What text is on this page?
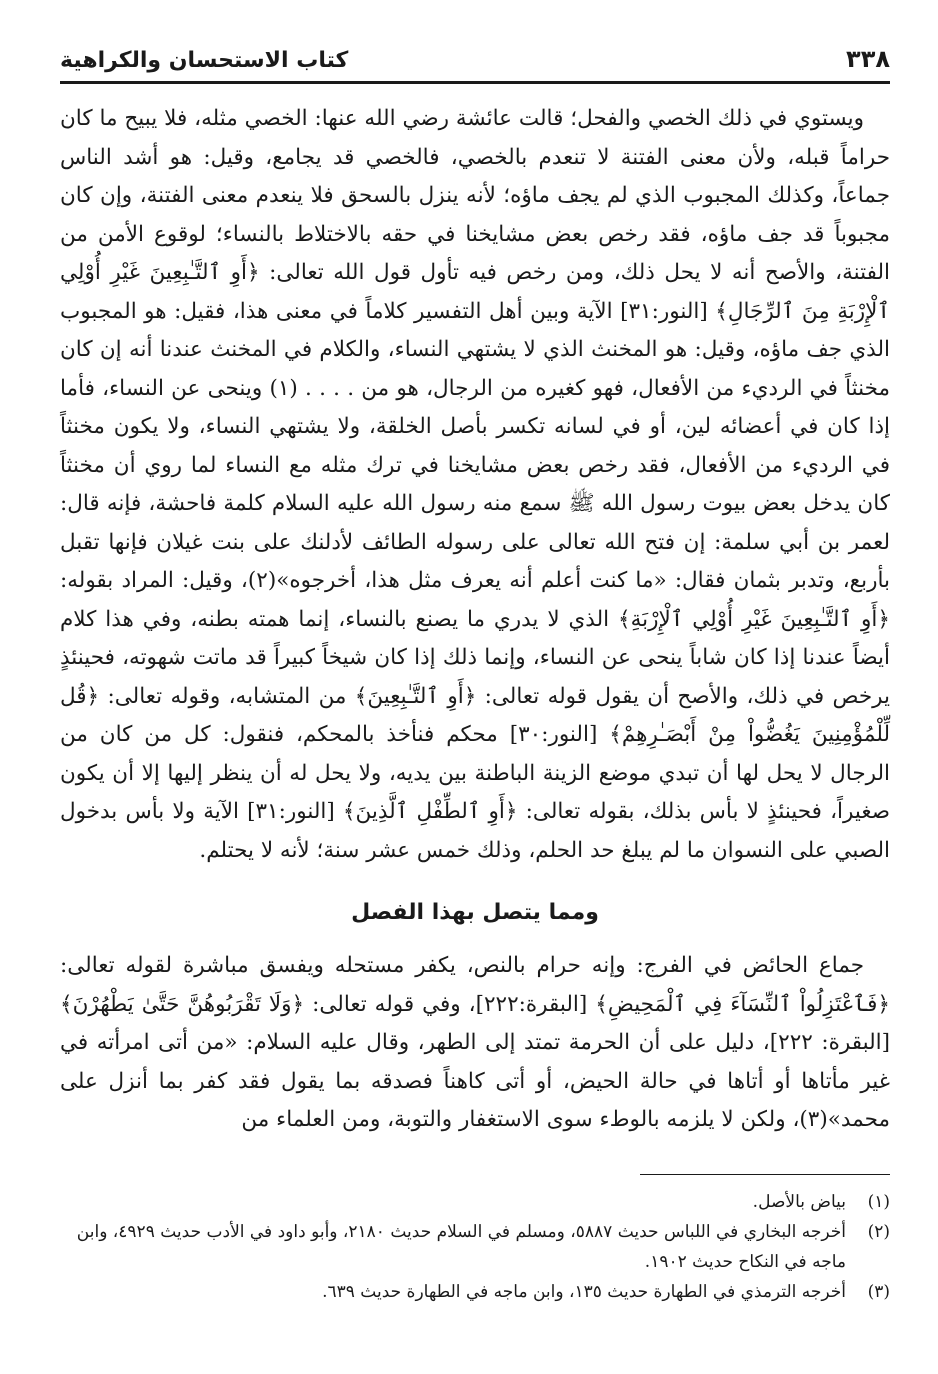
٣٣٨
كتاب الاستحسان والكراهية

ويستوي في ذلك الخصي والفحل؛ قالت عائشة رضي الله عنها: الخصي مثله، فلا يبيح ما كان حراماً قبله، ولأن معنى الفتنة لا تنعدم بالخصي، فالخصي قد يجامع، وقيل: هو أشد الناس جماعاً، وكذلك المجبوب الذي لم يجف ماؤه؛ لأنه ينزل بالسحق فلا ينعدم معنى الفتنة، وإن كان مجبوباً قد جف ماؤه، فقد رخص بعض مشايخنا في حقه بالاختلاط بالنساء؛ لوقوع الأمن من الفتنة، والأصح أنه لا يحل ذلك، ومن رخص فيه تأول قول الله تعالى: ﴿أَوِ ٱلتَّـٰبِعِينَ غَيْرِ أُوْلِي ٱلْإِرْبَةِ مِنَ ٱلرِّجَالِ﴾ [النور:٣١] الآية وبين أهل التفسير كلاماً في معنى هذا، فقيل: هو المجبوب الذي جف ماؤه، وقيل: هو المخنث الذي لا يشتهي النساء، والكلام في المخنث عندنا أنه إن كان مخنثاً في الرديء من الأفعال، فهو كغيره من الرجال، هو من . . . . (١) وينحى عن النساء، فأما إذا كان في أعضائه لين، أو في لسانه تكسر بأصل الخلقة، ولا يشتهي النساء، ولا يكون مخنثاً في الرديء من الأفعال، فقد رخص بعض مشايخنا في ترك مثله مع النساء لما روي أن مخنثاً كان يدخل بعض بيوت رسول الله ﷺ سمع منه رسول الله عليه السلام كلمة فاحشة، فإنه قال: لعمر بن أبي سلمة: إن فتح الله تعالى على رسوله الطائف لأدلنك على بنت غيلان فإنها تقبل بأربع، وتدبر بثمان فقال: «ما كنت أعلم أنه يعرف مثل هذا، أخرجوه»(٢)، وقيل: المراد بقوله: ﴿أَوِ ٱلتَّـٰبِعِينَ غَيْرِ أُوْلِي ٱلْإِرْبَةِ﴾ الذي لا يدري ما يصنع بالنساء، إنما همته بطنه، وفي هذا كلام أيضاً عندنا إذا كان شاباً ينحى عن النساء، وإنما ذلك إذا كان شيخاً كبيراً قد ماتت شهوته، فحينئذٍ يرخص في ذلك، والأصح أن يقول قوله تعالى: ﴿أَوِ ٱلتَّـٰبِعِينَ﴾ من المتشابه، وقوله تعالى: ﴿قُل لِّلْمُؤْمِنِينَ يَغُضُّواْ مِنْ أَبْصَـٰرِهِمْ﴾ [النور:٣٠] محكم فنأخذ بالمحكم، فنقول: كل من كان من الرجال لا يحل لها أن تبدي موضع الزينة الباطنة بين يديه، ولا يحل له أن ينظر إليها إلا أن يكون صغيراً، فحينئذٍ لا بأس بذلك، بقوله تعالى: ﴿أَوِ ٱلطِّفْلِ ٱلَّذِينَ﴾ [النور:٣١] الآية ولا بأس بدخول الصبي على النسوان ما لم يبلغ حد الحلم، وذلك خمس عشر سنة؛ لأنه لا يحتلم.

ومما يتصل بهذا الفصل

جماع الحائض في الفرج: وإنه حرام بالنص، يكفر مستحله ويفسق مباشرة لقوله تعالى: ﴿فَٱعْتَزِلُواْ ٱلنِّسَآءَ فِي ٱلْمَحِيضِ﴾ [البقرة:٢٢٢]، وفي قوله تعالى: ﴿وَلَا تَقْرَبُوهُنَّ حَتَّىٰ يَطْهُرْنَ﴾ [البقرة: ٢٢٢]، دليل على أن الحرمة تمتد إلى الطهر، وقال عليه السلام: «من أتى امرأته في غير مأتاها أو أتاها في حالة الحيض، أو أتى كاهناً فصدقه بما يقول فقد كفر بما أنزل على محمد»(٣)، ولكن لا يلزمه بالوطء سوى الاستغفار والتوبة، ومن العلماء من

(١)
بياض بالأصل.
(٢)
أخرجه البخاري في اللباس حديث ٥٨٨٧، ومسلم في السلام حديث ٢١٨٠، وأبو داود في الأدب حديث ٤٩٢٩، وابن ماجه في النكاح حديث ١٩٠٢.
(٣)
أخرجه الترمذي في الطهارة حديث ١٣٥، وابن ماجه في الطهارة حديث ٦٣٩.
